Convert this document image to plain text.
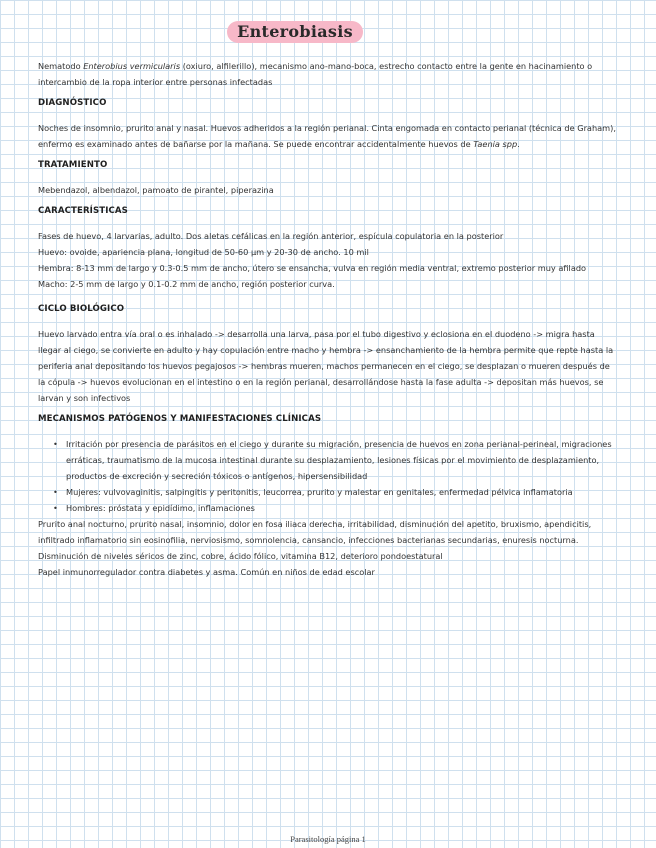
Enterobiasis

Nematodo Enterobius vermicularis (oxiuro, alfilerillo), mecanismo ano-mano-boca, estrecho contacto entre la gente en hacinamiento o intercambio de la ropa interior entre personas infectadas

DIAGNÓSTICO

Noches de insomnio, prurito anal y nasal. Huevos adheridos a la región perianal. Cinta engomada en contacto perianal (técnica de Graham), enfermo es examinado antes de bañarse por la mañana. Se puede encontrar accidentalmente huevos de Taenia spp.

TRATAMIENTO

Mebendazol, albendazol, pamoato de pirantel, piperazina

CARACTERÍSTICAS

Fases de huevo, 4 larvarias, adulto. Dos aletas cefálicas en la región anterior, espícula copulatoria en la posterior

Huevo: ovoide, apariencia plana, longitud de 50-60 µm y 20-30 de ancho. 10 mil

Hembra: 8-13 mm de largo y 0.3-0.5 mm de ancho, útero se ensancha, vulva en región media ventral, extremo posterior muy afilado

Macho: 2-5 mm de largo y 0.1-0.2 mm de ancho, región posterior curva.

CICLO BIOLÓGICO

Huevo larvado entra vía oral o es inhalado -> desarrolla una larva, pasa por el tubo digestivo y eclosiona en el duodeno -> migra hasta llegar al ciego, se convierte en adulto y hay copulación entre macho y hembra -> ensanchamiento de la hembra permite que repte hasta la periferia anal depositando los huevos pegajosos -> hembras mueren, machos permanecen en el ciego, se desplazan o mueren después de la cópula -> huevos evolucionan en el intestino o en la región perianal, desarrollándose hasta la fase adulta -> depositan más huevos, se larvan y son infectivos

MECANISMOS PATÓGENOS Y MANIFESTACIONES CLÍNICAS

• Irritación por presencia de parásitos en el ciego y durante su migración, presencia de huevos en zona perianal-perineal, migraciones erráticas, traumatismo de la mucosa intestinal durante su desplazamiento, lesiones físicas por el movimiento de desplazamiento, productos de excreción y secreción tóxicos o antígenos, hipersensibilidad
• Mujeres: vulvovaginitis, salpingitis y peritonitis, leucorrea, prurito y malestar en genitales, enfermedad pélvica inflamatoria
• Hombres: próstata y epidídimo, inflamaciones

Prurito anal nocturno, prurito nasal, insomnio, dolor en fosa iliaca derecha, irritabilidad, disminución del apetito, bruxismo, apendicitis, infiltrado inflamatorio sin eosinofilia, nerviosismo, somnolencia, cansancio, infecciones bacterianas secundarias, enuresis nocturna.

Disminución de niveles séricos de zinc, cobre, ácido fólico, vitamina B12, deterioro pondoestatural

Papel inmunorregulador contra diabetes y asma. Común en niños de edad escolar

Parasitología página 1
